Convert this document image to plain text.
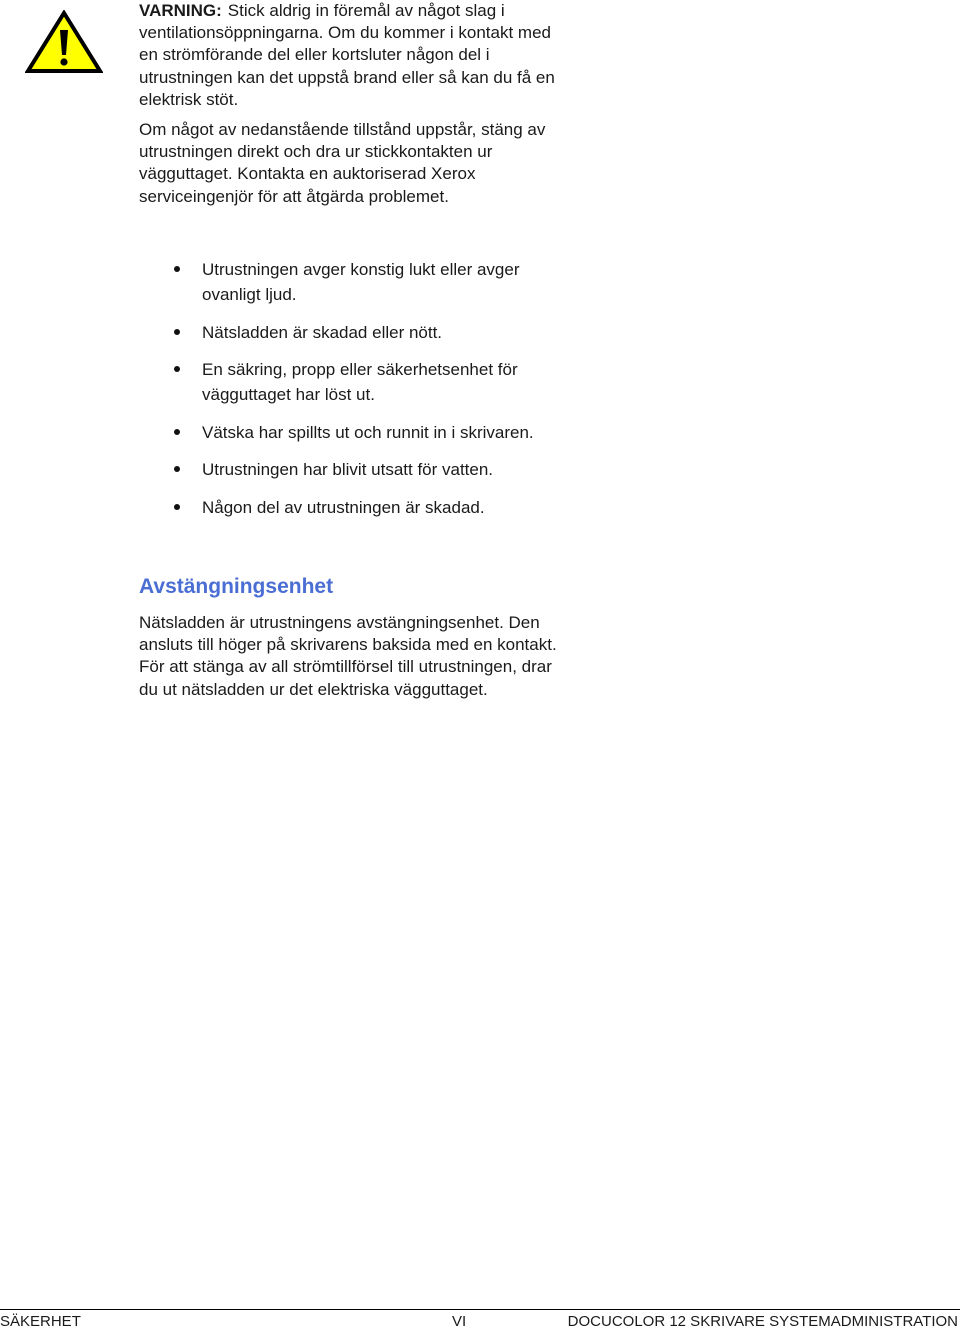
VARNING: Stick aldrig in föremål av något slag i ventilationsöppningarna. Om du kommer i kontakt med en strömförande del eller kortsluter någon del i utrustningen kan det uppstå brand eller så kan du få en elektrisk stöt.

Om något av nedanstående tillstånd uppstår, stäng av utrustningen direkt och dra ur stickkontakten ur vägguttaget. Kontakta en auktoriserad Xerox serviceingenjör för att åtgärda problemet.

Utrustningen avger konstig lukt eller avger ovanligt ljud.
Nätsladden är skadad eller nött.
En säkring, propp eller säkerhetsenhet för vägguttaget har löst ut.
Vätska har spillts ut och runnit in i skrivaren.
Utrustningen har blivit utsatt för vatten.
Någon del av utrustningen är skadad.
Avstängningsenhet

Nätsladden är utrustningens avstängningsenhet. Den ansluts till höger på skrivarens baksida med en kontakt. För att stänga av all strömtillförsel till utrustningen, drar du ut nätsladden ur det elektriska vägguttaget.

SÄKERHET	VI	DOCUCOLOR 12 SKRIVARE SYSTEMADMINISTRATION
